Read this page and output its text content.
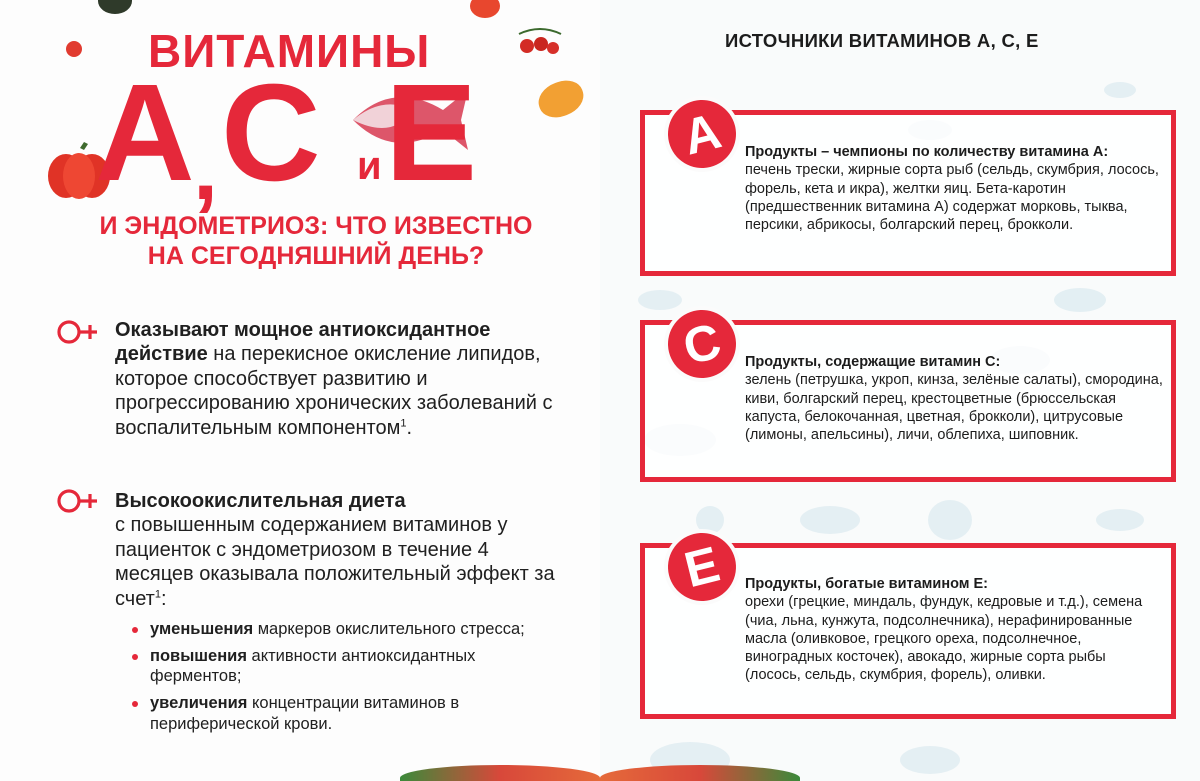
ВИТАМИНЫ
A
, C и E
И ЭНДОМЕТРИОЗ: ЧТО ИЗВЕСТНО
НА СЕГОДНЯШНИЙ ДЕНЬ?
Оказывают мощное антиоксидантное действие на перекисное окисление липидов, которое способствует развитию и прогрессированию хронических заболеваний с воспалительным компонентом$^1$.
Высокоокислительная диета
с повышенным содержанием витаминов у пациенток с эндометриозом в течение 4 месяцев оказывала положительный эффект за счет$^1$:
уменьшения маркеров окислительного стресса;
повышения активности антиоксидантных ферментов;
увеличения концентрации витаминов в периферической крови.
ИСТОЧНИКИ ВИТАМИНОВ А, С, Е
A	Продукты – чемпионы по количеству витамина А:
печень трески, жирные сорта рыб (сельдь, скумбрия, лосось, форель, кета и икра), желтки яиц. Бета-каротин (предшественник витамина А) содержат морковь, тыква, персики, абрикосы, болгарский перец, брокколи.
C	Продукты, содержащие витамин С:
зелень (петрушка, укроп, кинза, зелёные салаты), смородина, киви, болгарский перец, крестоцветные (брюссельская капуста, белокочанная, цветная, брокколи), цитрусовые (лимоны, апельсины), личи, облепиха, шиповник.
E	Продукты, богатые витамином Е:
орехи (грецкие, миндаль, фундук, кедровые и т.д.), семена (чиа, льна, кунжута, подсолнечника), нерафинированные масла (оливковое, грецкого ореха, подсолнечное, виноградных косточек), авокадо, жирные сорта рыбы (лосось, сельдь, скумбрия, форель), оливки.
